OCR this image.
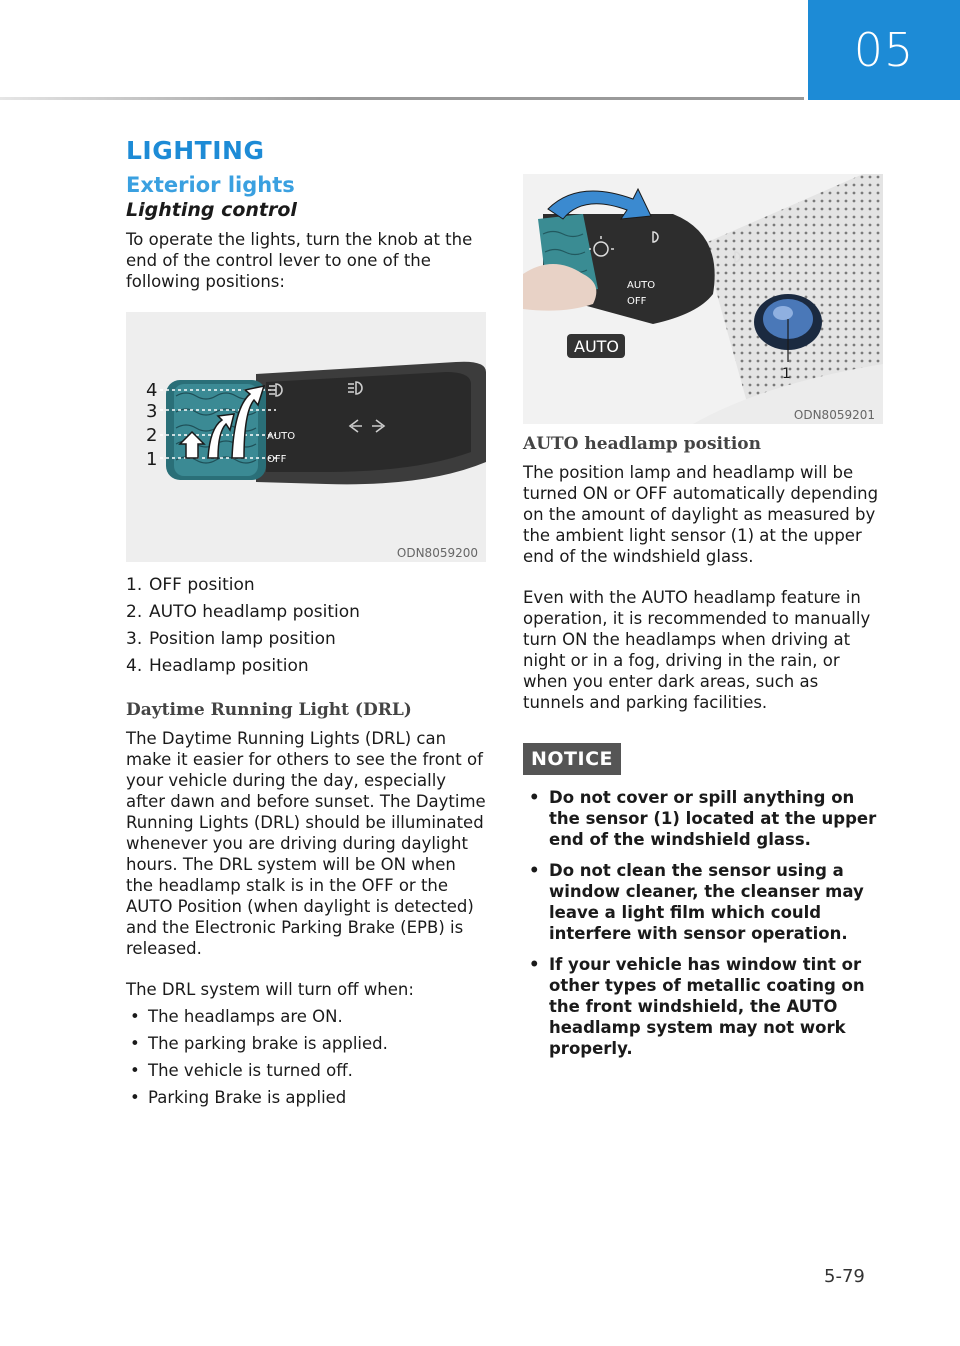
05
LIGHTING
Exterior lights
Lighting control

To operate the lights, turn the knob at the end of the control lever to one of the following positions:

AUTO
OFF
4
3
2
1
ODN8059200
1. OFF position
2. AUTO headlamp position
3. Position lamp position
4. Headlamp position
Daytime Running Light (DRL)

The Daytime Running Lights (DRL) can make it easier for others to see the front of your vehicle during the day, especially after dawn and before sunset. The Daytime Running Lights (DRL) should be illuminated whenever you are driving during daylight hours. The DRL system will be ON when the headlamp stalk is in the OFF or the AUTO Position (when daylight is detected) and the Electronic Parking Brake (EPB) is released.

The DRL system will turn off when:

• The headlamps are ON.
• The parking brake is applied.
• The vehicle is turned off.
• Parking Brake is applied
AUTO
OFF
AUTO
1
ODN8059201
AUTO headlamp position

The position lamp and headlamp will be turned ON or OFF automatically depending on the amount of daylight as measured by the ambient light sensor (1) at the upper end of the windshield glass.

Even with the AUTO headlamp feature in operation, it is recommended to manually turn ON the headlamps when driving at night or in a fog, driving in the rain, or when you enter dark areas, such as tunnels and parking facilities.

NOTICE
• Do not cover or spill anything on the sensor (1) located at the upper end of the windshield glass.
• Do not clean the sensor using a window cleaner, the cleanser may leave a light film which could interfere with sensor operation.
• If your vehicle has window tint or other types of metallic coating on the front windshield, the AUTO headlamp system may not work properly.
5-79
